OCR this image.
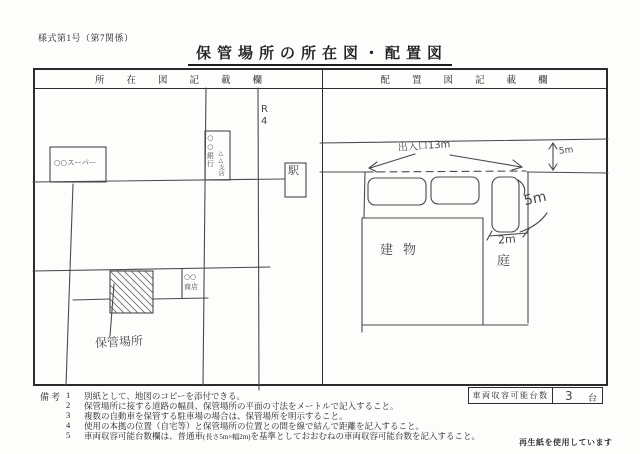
様式第1号（第7関係）
保管場所の所在図・配置図
所在図記載欄	配置図記載欄
○○スーパー	○○銀行 △△支店
R4
駅
○○商店
保管場所
出入口13m	5m
5m
2m
建物
庭
車両収容可能台数	3 台
備考 1 別紙として、地図のコピーを添付できる。
2 保管場所に接する道路の幅員、保管場所の平面の寸法をメートルで記入すること。
3 複数の自動車を保管する駐車場の場合は、保管場所を明示すること。
4 使用の本拠の位置（自宅等）と保管場所の位置との間を線で結んで距離を記入すること。
5 車両収容可能台数欄は、普通車(長さ5m×幅2m)を基準としておおむねの車両収容可能台数を記入すること。
再生紙を使用しています
